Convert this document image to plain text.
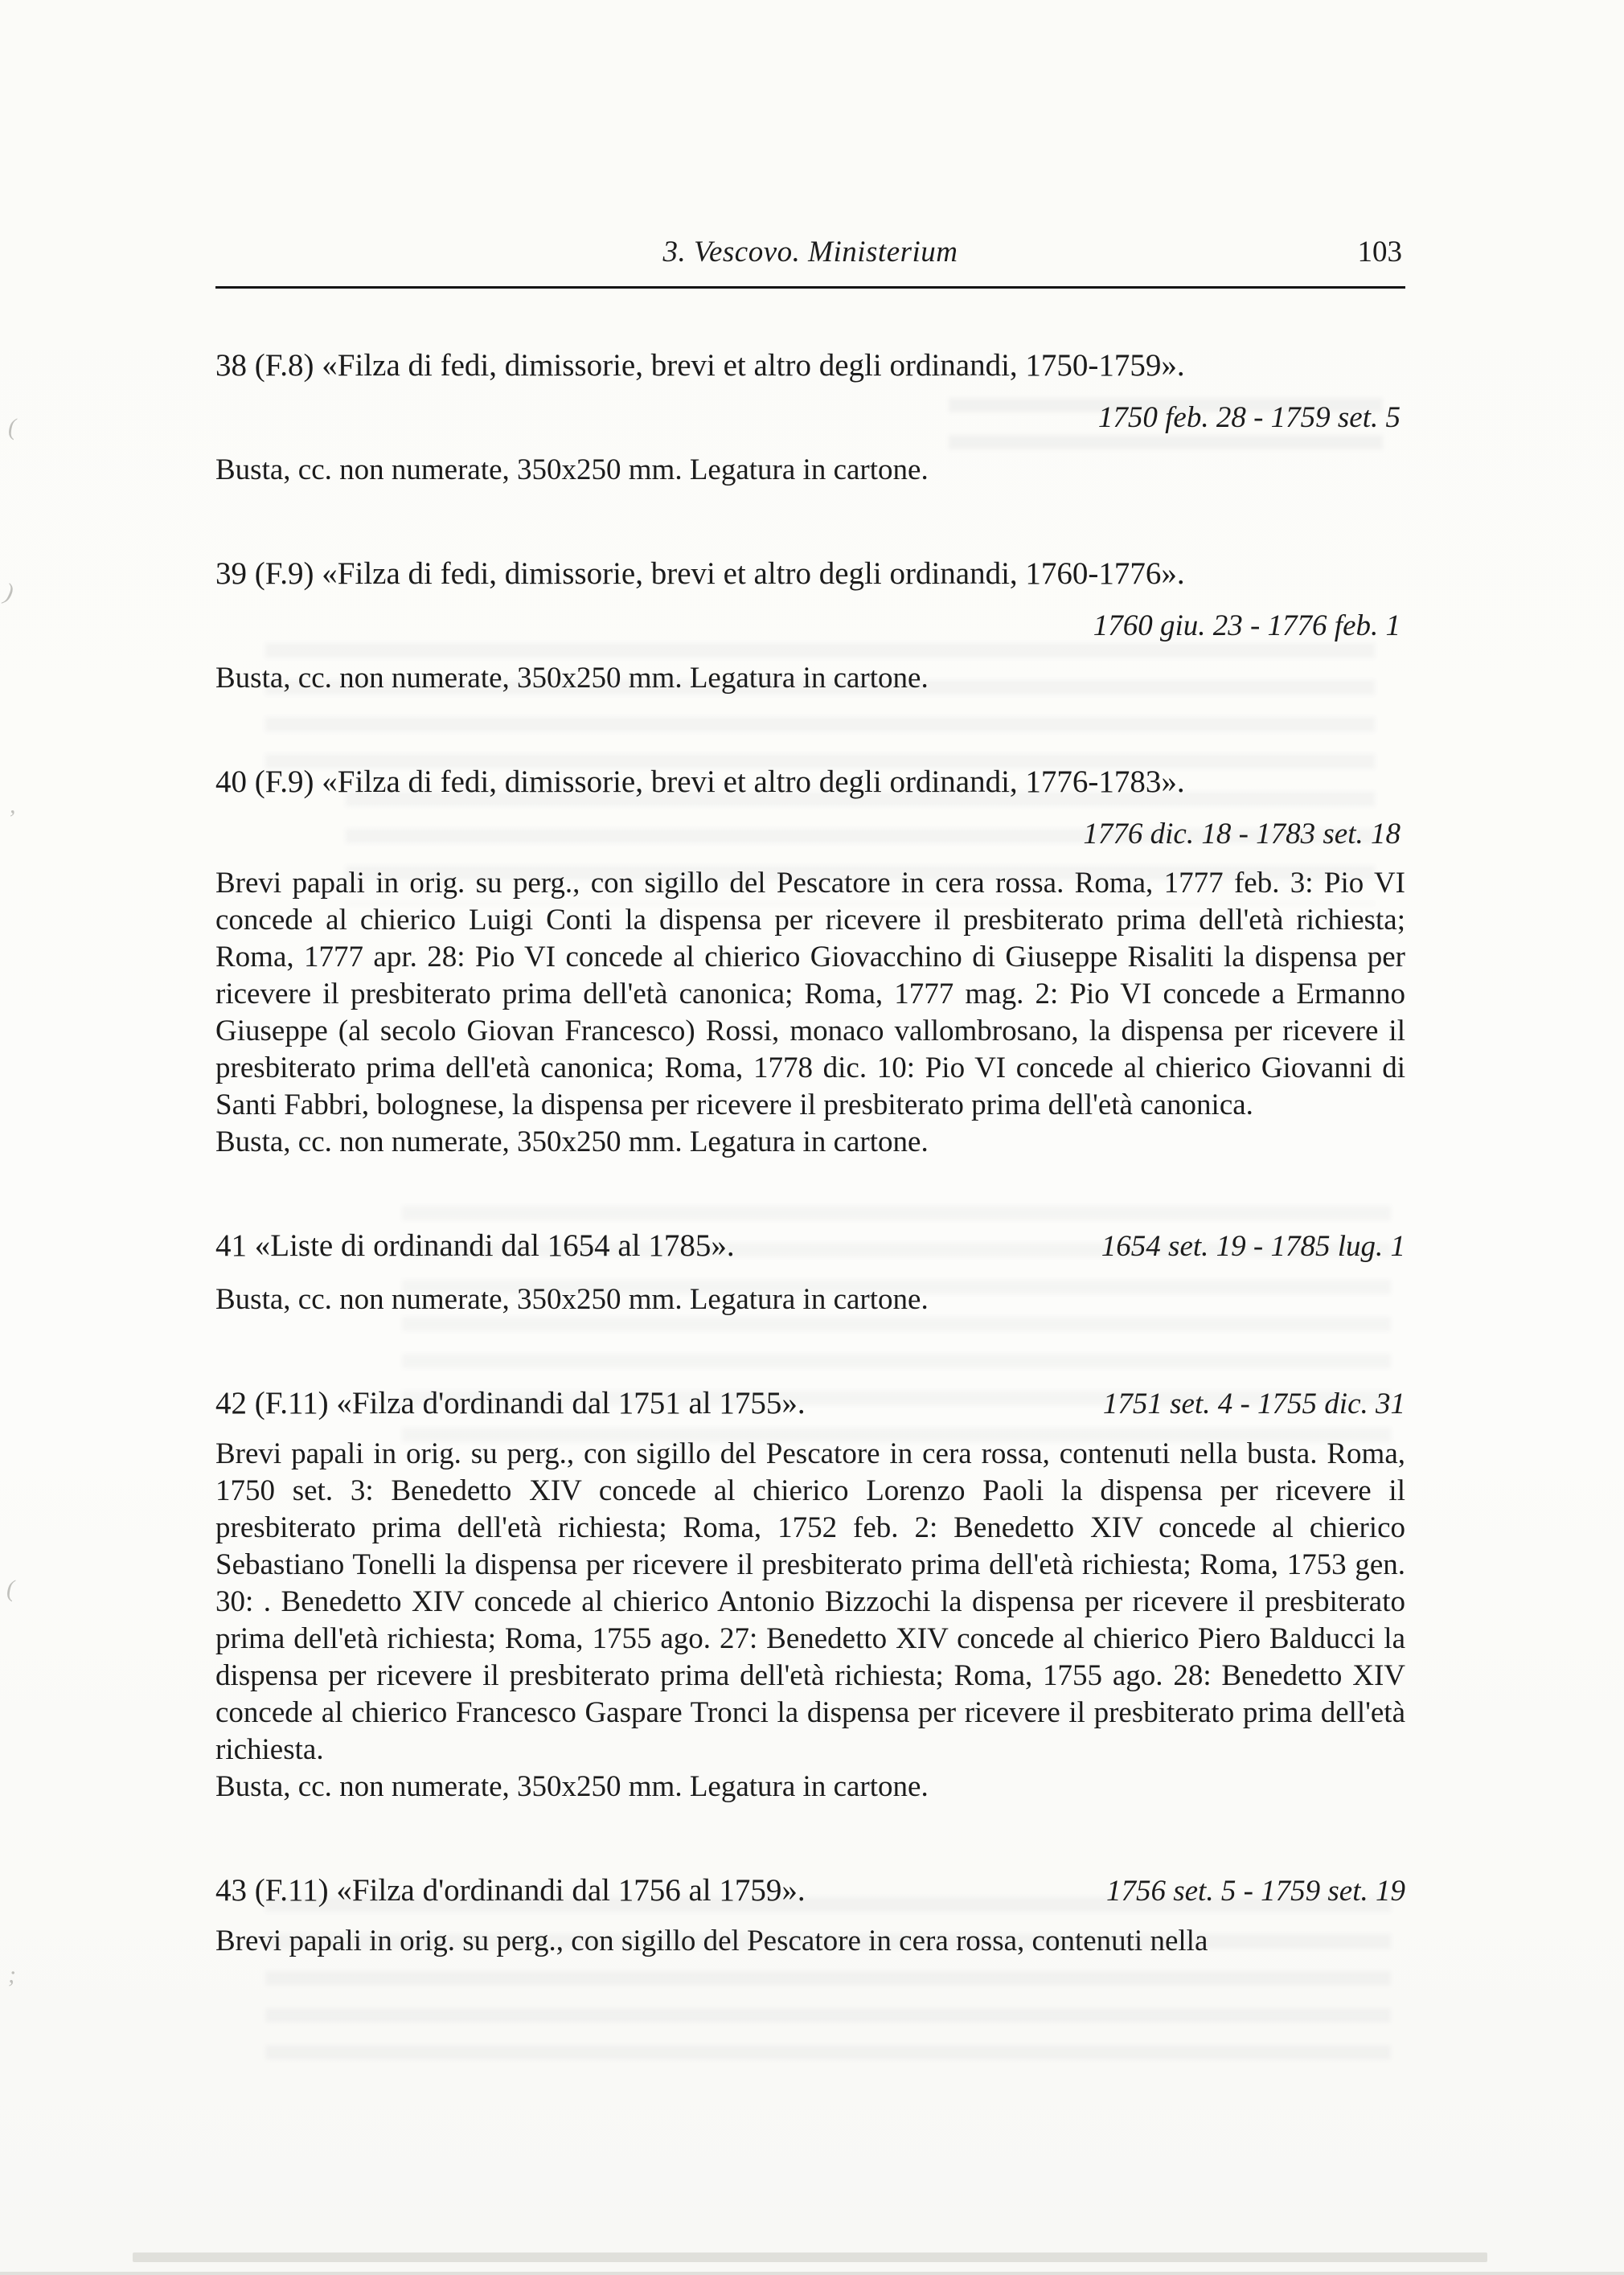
(
)
,
(
;
3. Vescovo. Ministerium	103

38 (F.8) «Filza di fedi, dimissorie, brevi et altro degli ordinandi, 1750-1759».

1750 feb. 28 - 1759 set. 5

Busta, cc. non numerate, 350x250 mm. Legatura in cartone.

39 (F.9) «Filza di fedi, dimissorie, brevi et altro degli ordinandi, 1760-1776».

1760 giu. 23 - 1776 feb. 1

Busta, cc. non numerate, 350x250 mm. Legatura in cartone.

40 (F.9) «Filza di fedi, dimissorie, brevi et altro degli ordinandi, 1776-1783».

1776 dic. 18 - 1783 set. 18

Brevi papali in orig. su perg., con sigillo del Pescatore in cera rossa. Roma, 1777 feb. 3: Pio VI concede al chierico Luigi Conti la dispensa per ricevere il presbiterato prima dell'età richiesta; Roma, 1777 apr. 28: Pio VI concede al chierico Giovacchino di Giuseppe Risaliti la dispensa per ricevere il presbiterato prima dell'età canonica; Roma, 1777 mag. 2: Pio VI concede a Ermanno Giuseppe (al secolo Giovan Francesco) Rossi, monaco vallombrosano, la dispensa per ricevere il presbiterato prima dell'età canonica; Roma, 1778 dic. 10: Pio VI concede al chierico Giovanni di Santi Fabbri, bolognese, la dispensa per ricevere il presbiterato prima dell'età canonica.

Busta, cc. non numerate, 350x250 mm. Legatura in cartone.

41 «Liste di ordinandi dal 1654 al 1785».	1654 set. 19 - 1785 lug. 1

Busta, cc. non numerate, 350x250 mm. Legatura in cartone.

42 (F.11) «Filza d'ordinandi dal 1751 al 1755».	1751 set. 4 - 1755 dic. 31

Brevi papali in orig. su perg., con sigillo del Pescatore in cera rossa, contenuti nella busta. Roma, 1750 set. 3: Benedetto XIV concede al chierico Lorenzo Paoli la dispensa per ricevere il presbiterato prima dell'età richiesta; Roma, 1752 feb. 2: Benedetto XIV concede al chierico Sebastiano Tonelli la dispensa per ricevere il presbiterato prima dell'età richiesta; Roma, 1753 gen. 30: . Benedetto XIV concede al chierico Antonio Bizzochi la dispensa per ricevere il presbiterato prima dell'età richiesta; Roma, 1755 ago. 27: Benedetto XIV concede al chierico Piero Balducci la dispensa per ricevere il presbiterato prima dell'età richiesta; Roma, 1755 ago. 28: Benedetto XIV concede al chierico Francesco Gaspare Tronci la dispensa per ricevere il presbiterato prima dell'età richiesta.

Busta, cc. non numerate, 350x250 mm. Legatura in cartone.

43 (F.11) «Filza d'ordinandi dal 1756 al 1759».	1756 set. 5 - 1759 set. 19

Brevi papali in orig. su perg., con sigillo del Pescatore in cera rossa, contenuti nella
